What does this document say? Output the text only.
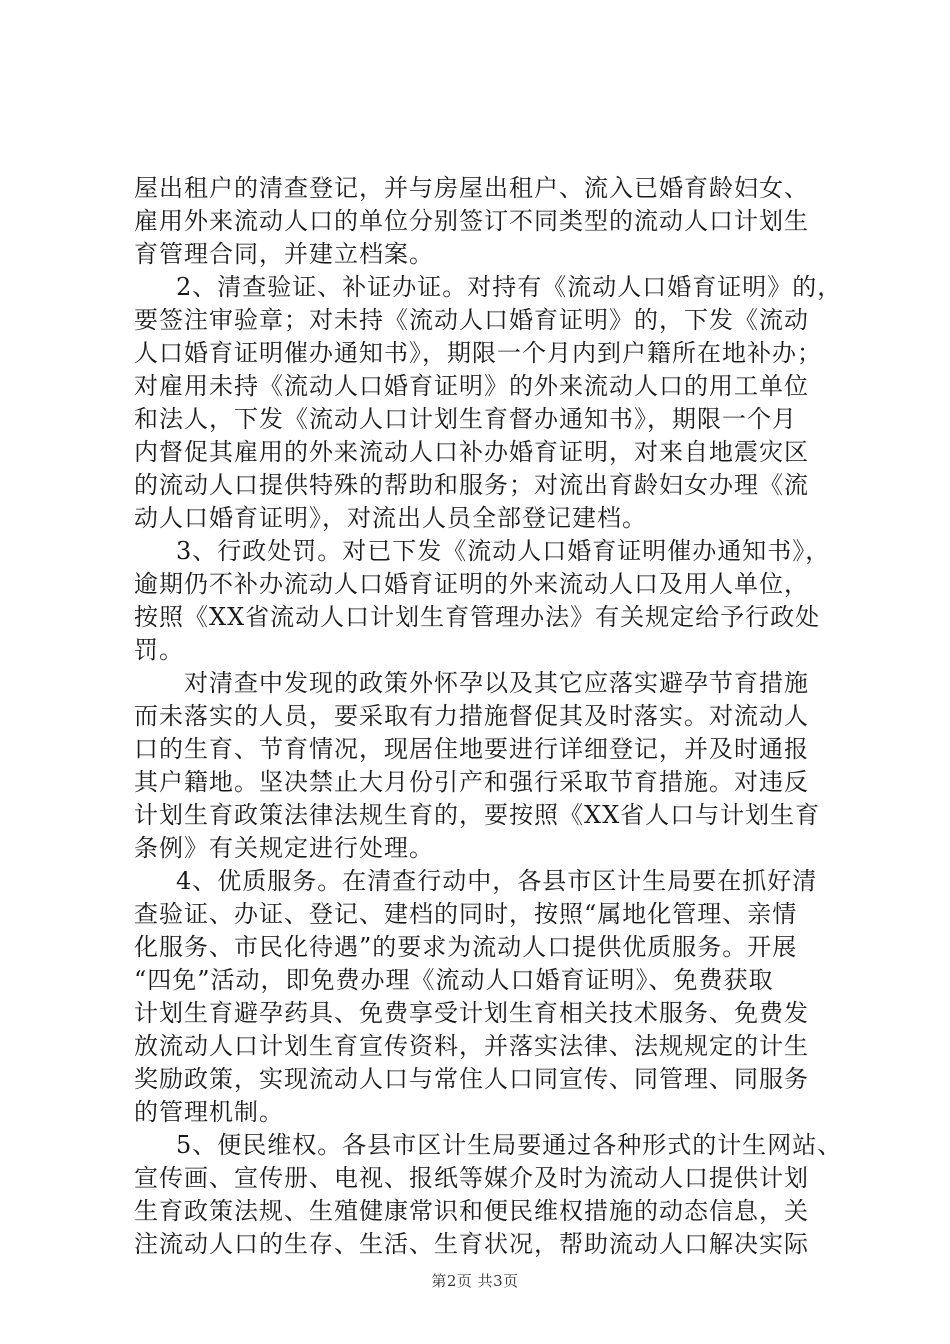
屋出租户的清查登记，并与房屋出租户、流入已婚育龄妇女、
雇用外来流动人口的单位分别签订不同类型的流动人口计划生
育管理合同，并建立档案。
2、清查验证、补证办证。对持有《流动人口婚育证明》的，
要签注审验章；对未持《流动人口婚育证明》的，下发《流动
人口婚育证明催办通知书》，期限一个月内到户籍所在地补办；
对雇用未持《流动人口婚育证明》的外来流动人口的用工单位
和法人，下发《流动人口计划生育督办通知书》，期限一个月
内督促其雇用的外来流动人口补办婚育证明，对来自地震灾区
的流动人口提供特殊的帮助和服务；对流出育龄妇女办理《流
动人口婚育证明》，对流出人员全部登记建档。
3、行政处罚。对已下发《流动人口婚育证明催办通知书》，
逾期仍不补办流动人口婚育证明的外来流动人口及用人单位，
按照《XX省流动人口计划生育管理办法》有关规定给予行政处
罚。
对清查中发现的政策外怀孕以及其它应落实避孕节育措施
而未落实的人员，要采取有力措施督促其及时落实。对流动人
口的生育、节育情况，现居住地要进行详细登记，并及时通报
其户籍地。坚决禁止大月份引产和强行采取节育措施。对违反
计划生育政策法律法规生育的，要按照《XX省人口与计划生育
条例》有关规定进行处理。
4、优质服务。在清查行动中，各县市区计生局要在抓好清
查验证、办证、登记、建档的同时，按照“属地化管理、亲情
化服务、市民化待遇”的要求为流动人口提供优质服务。开展
“四免”活动，即免费办理《流动人口婚育证明》、免费获取
计划生育避孕药具、免费享受计划生育相关技术服务、免费发
放流动人口计划生育宣传资料，并落实法律、法规规定的计生
奖励政策，实现流动人口与常住人口同宣传、同管理、同服务
的管理机制。
5、便民维权。各县市区计生局要通过各种形式的计生网站、
宣传画、宣传册、电视、报纸等媒介及时为流动人口提供计划
生育政策法规、生殖健康常识和便民维权措施的动态信息，关
注流动人口的生存、生活、生育状况，帮助流动人口解决实际
第2页 共3页
